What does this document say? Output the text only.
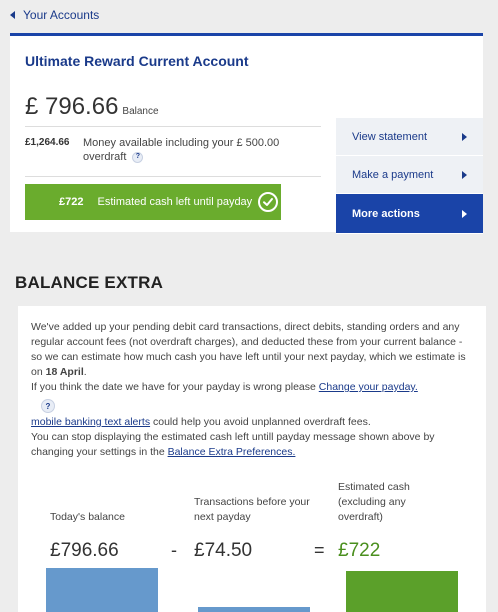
Your Accounts
Ultimate Reward Current Account
£ 796.66 Balance
£1,264.66 Money available including your £ 500.00 overdraft ?
£722 Estimated cash left until payday
View statement
Make a payment
More actions
BALANCE EXTRA

We've added up your pending debit card transactions, direct debits, standing orders and any regular account fees (not overdraft charges), and deducted these from your current balance - so we can estimate how much cash you have left until your next payday, which we estimate is on 18 April.

If you think the date we have for your payday is wrong please Change your payday.

?

mobile banking text alerts could help you avoid unplanned overdraft fees.

You can stop displaying the estimated cash left untill payday message shown above by changing your settings in the Balance Extra Preferences.

Today's balance
Transactions before your next payday
Estimated cash (excluding any overdraft)
£796.66	- £74.50	= £722
